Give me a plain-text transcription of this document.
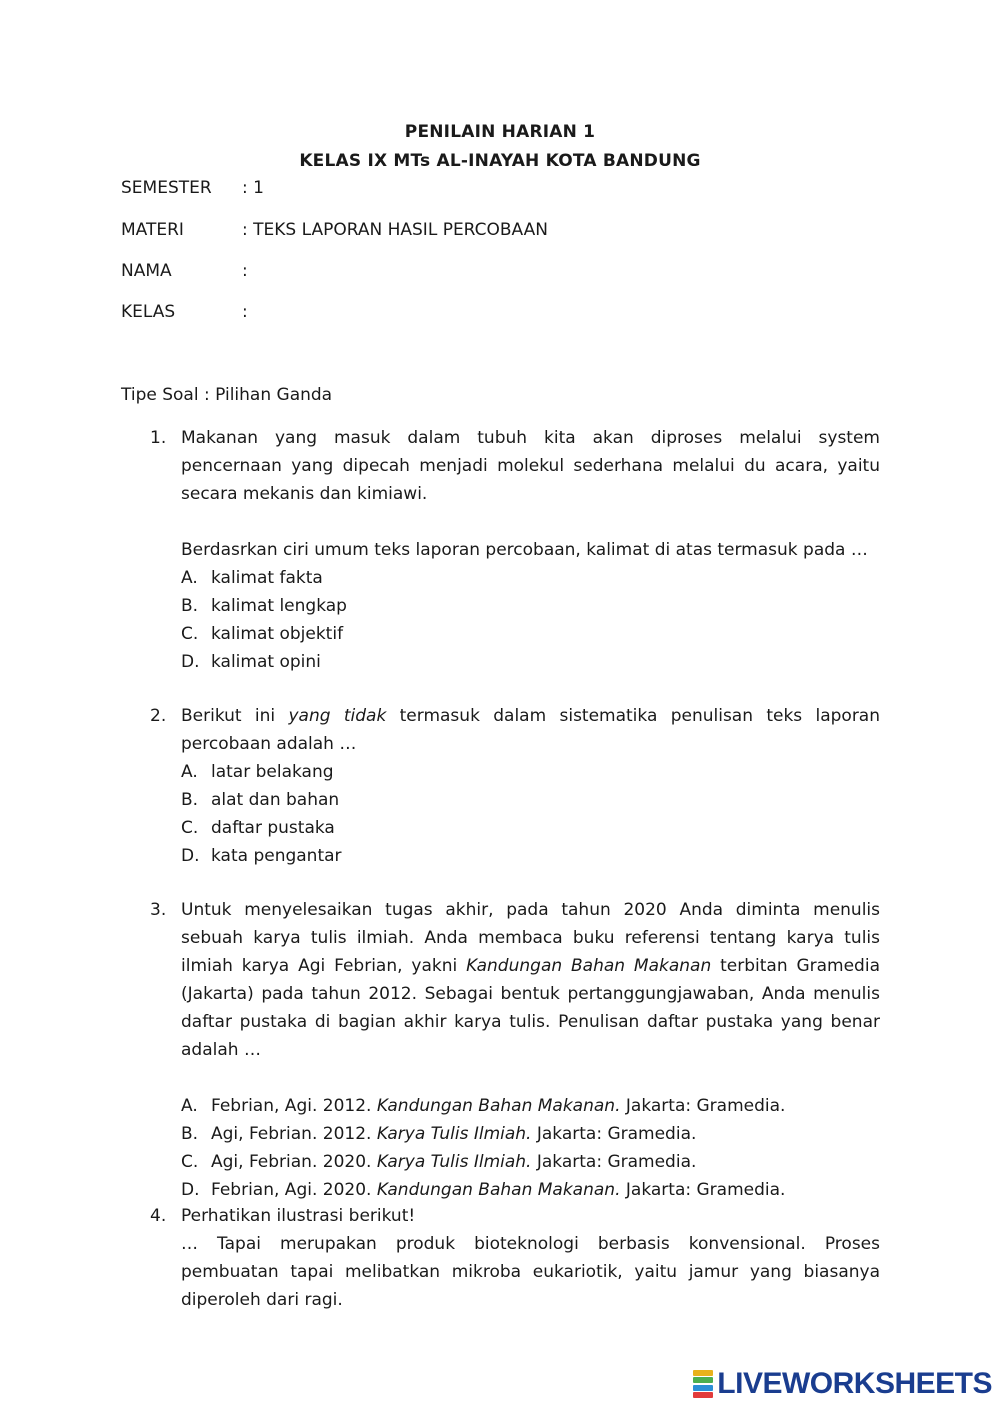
PENILAIN HARIAN 1
KELAS IX MTs AL-INAYAH KOTA BANDUNG
SEMESTER : 1
MATERI	: TEKS LAPORAN HASIL PERCOBAAN
NAMA	:
KELAS	:
Tipe Soal : Pilihan Ganda
1. Makanan yang masuk dalam tubuh kita akan diproses melalui system pencernaan yang dipecah menjadi molekul sederhana melalui du acara, yaitu secara mekanis dan kimiawi.

Berdasrkan ciri umum teks laporan percobaan, kalimat di atas termasuk pada …

A. kalimat fakta
B. kalimat lengkap
C. kalimat objektif
D. kalimat opini
2. Berikut ini yang tidak termasuk dalam sistematika penulisan teks laporan percobaan adalah …

A. latar belakang
B. alat dan bahan
C. daftar pustaka
D. kata pengantar
3. Untuk menyelesaikan tugas akhir, pada tahun 2020 Anda diminta menulis sebuah karya tulis ilmiah. Anda membaca buku referensi tentang karya tulis ilmiah karya Agi Febrian, yakni Kandungan Bahan Makanan terbitan Gramedia (Jakarta) pada tahun 2012. Sebagai bentuk pertanggungjawaban, Anda menulis daftar pustaka di bagian akhir karya tulis. Penulisan daftar pustaka yang benar adalah …

A. Febrian, Agi. 2012. Kandungan Bahan Makanan. Jakarta: Gramedia.
B. Agi, Febrian. 2012. Karya Tulis Ilmiah. Jakarta: Gramedia.
C. Agi, Febrian. 2020. Karya Tulis Ilmiah. Jakarta: Gramedia.
D. Febrian, Agi. 2020. Kandungan Bahan Makanan. Jakarta: Gramedia.
4. Perhatikan ilustrasi berikut!

… Tapai merupakan produk bioteknologi berbasis konvensional. Proses pembuatan tapai melibatkan mikroba eukariotik, yaitu jamur yang biasanya diperoleh dari ragi.

LIVEWORKSHEETS
